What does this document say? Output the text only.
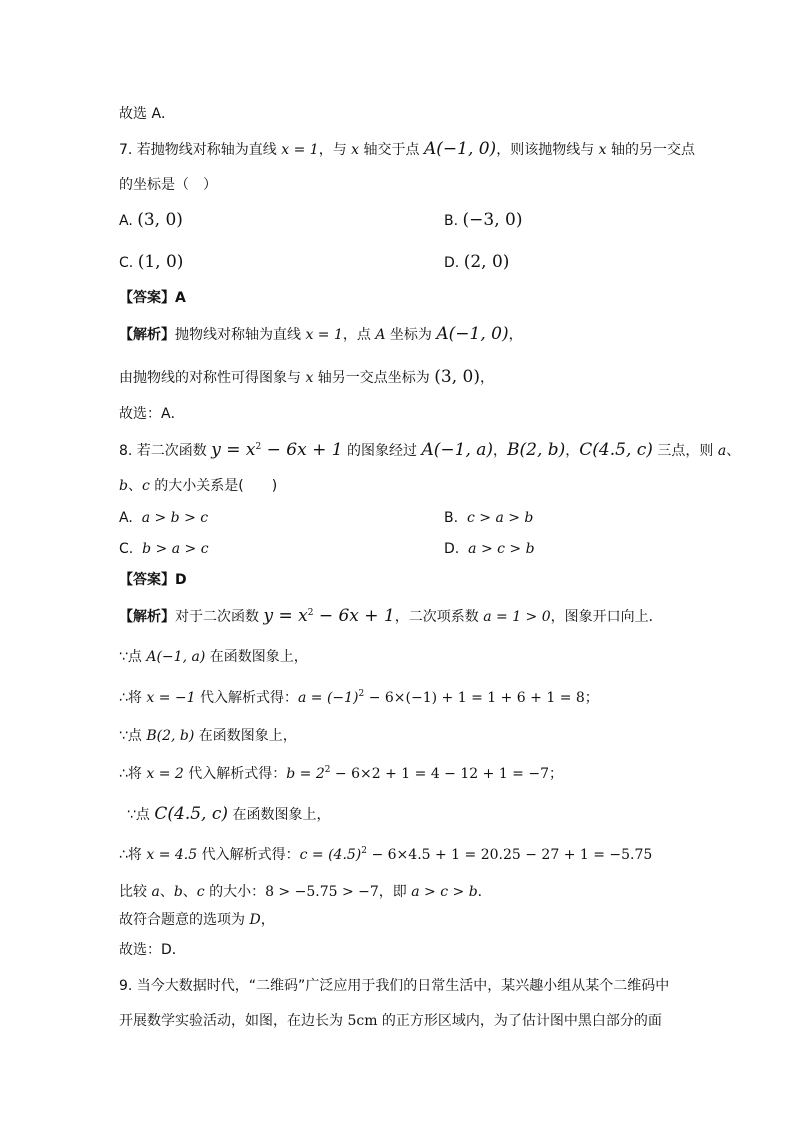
故选 A．
7. 若抛物线对称轴为直线 x = 1，与 x 轴交于点 A(−1, 0)，则该抛物线与 x 轴的另一交点
的坐标是（　）
A. (3, 0)	B. (−3, 0)
C. (1, 0)	D. (2, 0)
【答案】A
【解析】抛物线对称轴为直线 x = 1，点 A 坐标为 A(−1, 0)，
由抛物线的对称性可得图象与 x 轴另一交点坐标为 (3, 0)，
故选：A．
8. 若二次函数 $y = x^2 - 6x + 1$ 的图象经过 A(−1, a)，B(2, b)，C(4.5, c) 三点，则 a、
b、c 的大小关系是(　　)
A. a > b > c	B. c > a > b
C. b > a > c	D. a > c > b
【答案】D
【解析】对于二次函数 $y = x^2 - 6x + 1$，二次项系数 a = 1 > 0，图象开口向上．
∵点 A(−1, a) 在函数图象上，
∴将 x = −1 代入解析式得：$a = (-1)^2 - 6\times(-1) + 1 = 1 + 6 + 1 = 8$；
∵点 B(2, b) 在函数图象上，
∴将 x = 2 代入解析式得：$b = 2^2 - 6\times 2 + 1 = 4 - 12 + 1 = -7$；
∵点 C(4.5, c) 在函数图象上，
∴将 x = 4.5 代入解析式得：$c = (4.5)^2 - 6\times 4.5 + 1 = 20.25 - 27 + 1 = -5.75$
比较 a、b、c 的大小：8 > −5.75 > −7，即 a > c > b．
故符合题意的选项为 D，
故选：D．
9. 当今大数据时代，“二维码”广泛应用于我们的日常生活中，某兴趣小组从某个二维码中
开展数学实验活动，如图，在边长为 5cm 的正方形区域内，为了估计图中黑白部分的面
